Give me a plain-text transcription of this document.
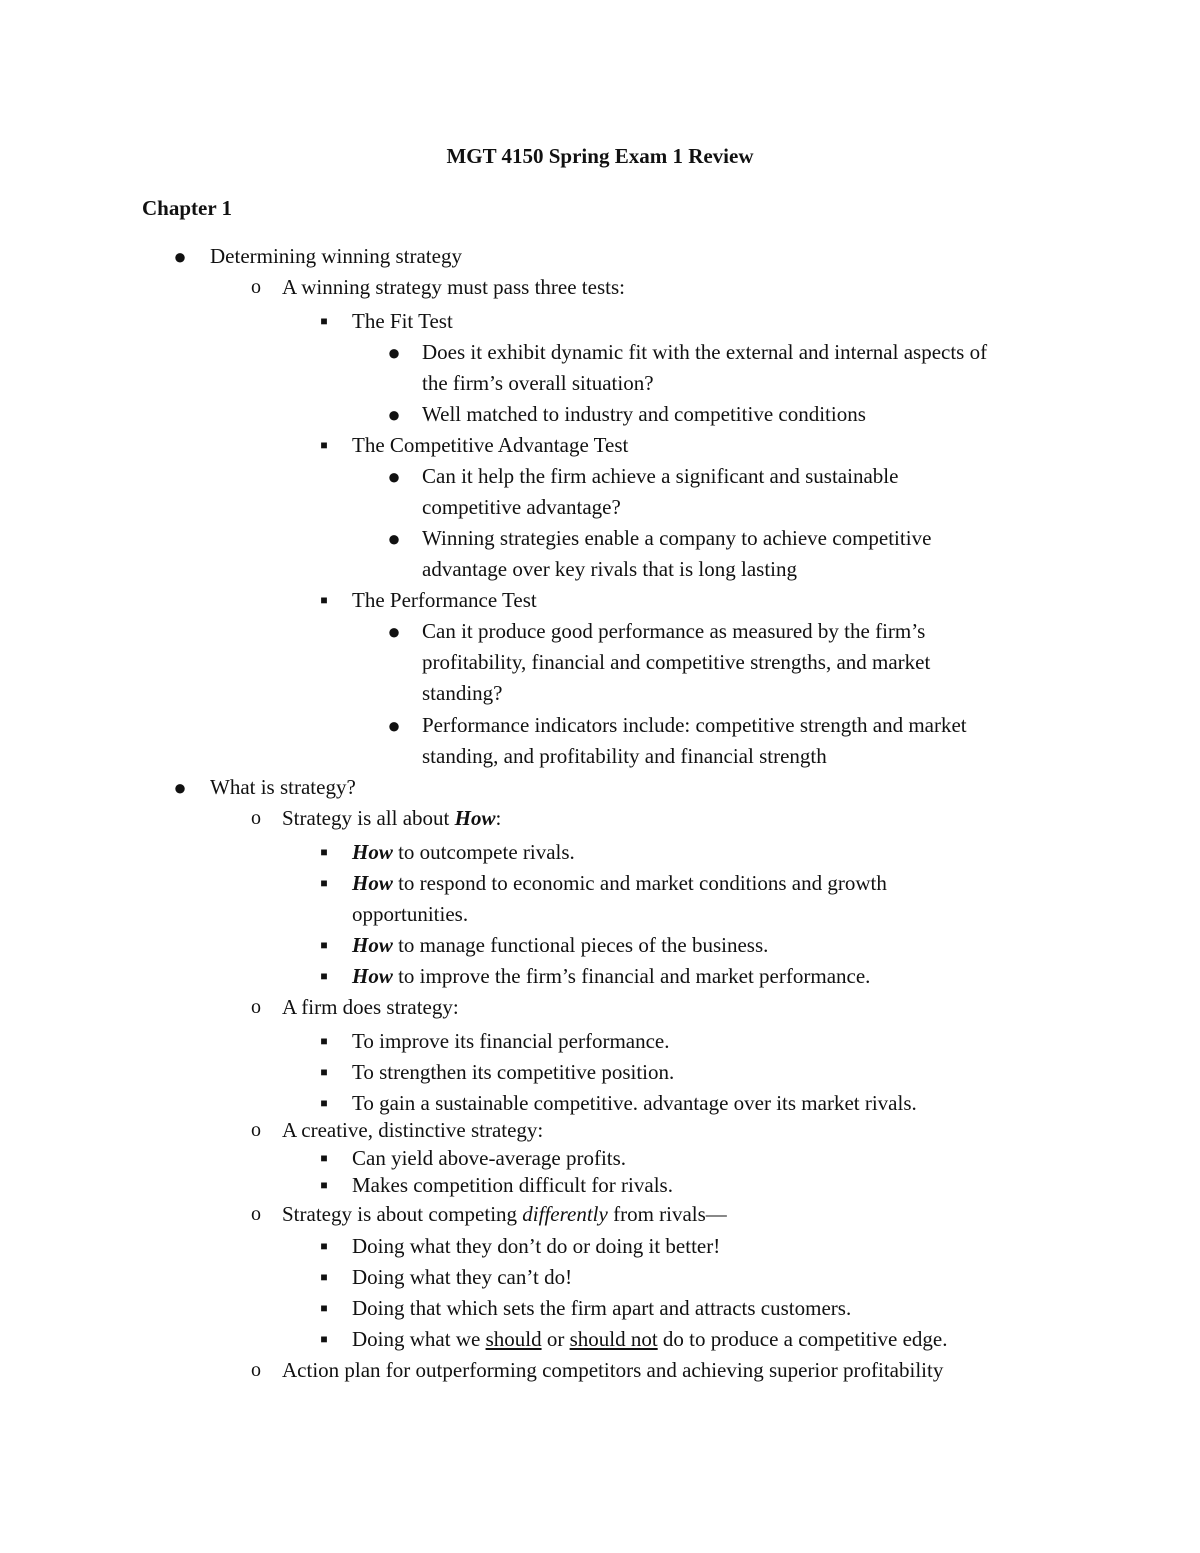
MGT 4150 Spring Exam 1 Review
Chapter 1
●	Determining winning strategy
o	A winning strategy must pass three tests:
■	The Fit Test
●	Does it exhibit dynamic fit with the external and internal aspects of
the firm’s overall situation?
●	Well matched to industry and competitive conditions
■	The Competitive Advantage Test
●	Can it help the firm achieve a significant and sustainable
competitive advantage?
●	Winning strategies enable a company to achieve competitive
advantage over key rivals that is long lasting
■	The Performance Test
●	Can it produce good performance as measured by the firm’s
profitability, financial and competitive strengths, and market
standing?
●	Performance indicators include: competitive strength and market
standing, and profitability and financial strength
●	What is strategy?
o	Strategy is all about How:
■	How to outcompete rivals.
■	How to respond to economic and market conditions and growth
opportunities.
■	How to manage functional pieces of the business.
■	How to improve the firm’s financial and market performance.
o	A firm does strategy:
■	To improve its financial performance.
■	To strengthen its competitive position.
■	To gain a sustainable competitive. advantage over its market rivals.
o	A creative, distinctive strategy:
■	Can yield above-average profits.
■	Makes competition difficult for rivals.
o	Strategy is about competing differently from rivals—
■	Doing what they don’t do or doing it better!
■	Doing what they can’t do!
■	Doing that which sets the firm apart and attracts customers.
■	Doing what we should or should not do to produce a competitive edge.
o	Action plan for outperforming competitors and achieving superior profitability
